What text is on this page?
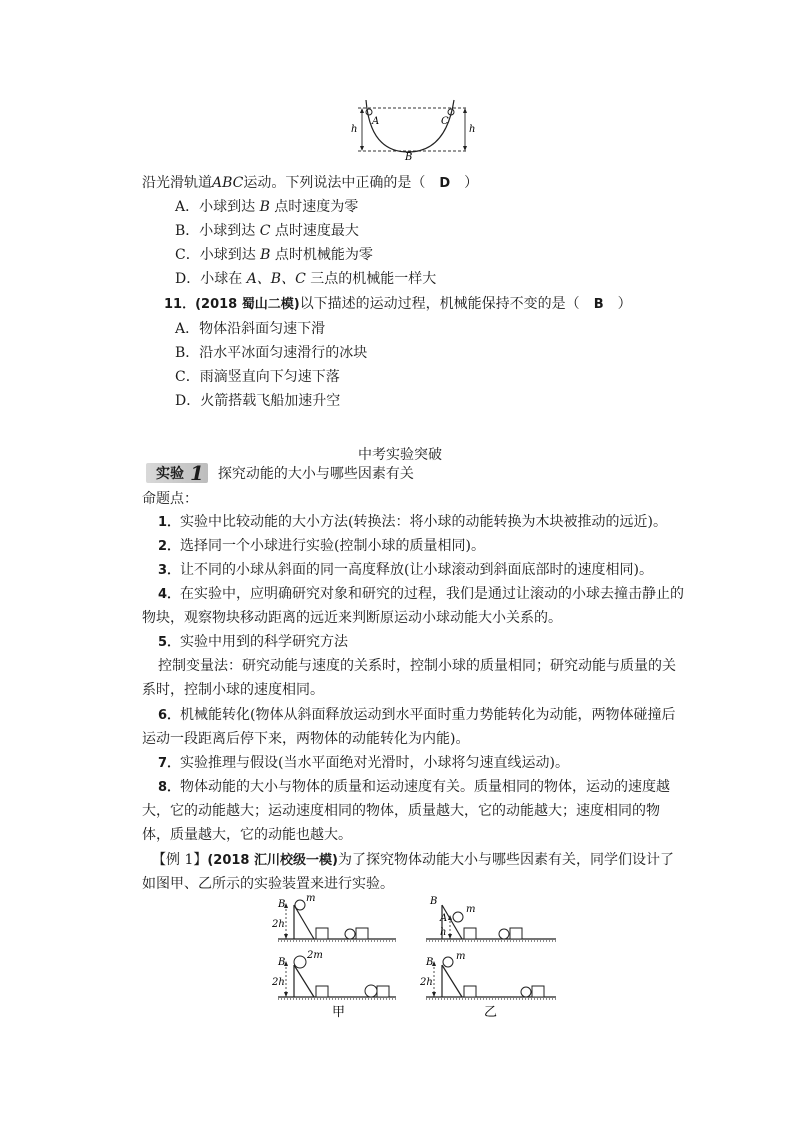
A	C
B
h	h
沿光滑轨道ABC运动。下列说法中正确的是（ D ）
A．小球到达 B 点时速度为零
B．小球到达 C 点时速度最大
C．小球到达 B 点时机械能为零
D．小球在 A、B、C 三点的机械能一样大
11．(2018 蜀山二模)以下描述的运动过程，机械能保持不变的是（ B ）
A．物体沿斜面匀速下滑
B．沿水平冰面匀速滑行的冰块
C．雨滴竖直向下匀速下落
D．火箭搭载飞船加速升空
中考实验突破
实验 1 探究动能的大小与哪些因素有关
命题点：
1．实验中比较动能的大小方法(转换法：将小球的动能转换为木块被推动的远近)。
2．选择同一个小球进行实验(控制小球的质量相同)。
3．让不同的小球从斜面的同一高度释放(让小球滚动到斜面底部时的速度相同)。
4．在实验中，应明确研究对象和研究的过程，我们是通过让滚动的小球去撞击静止的
物块，观察物块移动距离的远近来判断原运动小球动能大小关系的。
5．实验中用到的科学研究方法
控制变量法：研究动能与速度的关系时，控制小球的质量相同；研究动能与质量的关
系时，控制小球的速度相同。
6．机械能转化(物体从斜面释放运动到水平面时重力势能转化为动能，两物体碰撞后
运动一段距离后停下来，两物体的动能转化为内能)。
7．实验推理与假设(当水平面绝对光滑时，小球将匀速直线运动)。
8．物体动能的大小与物体的质量和运动速度有关。质量相同的物体，运动的速度越
大，它的动能越大；运动速度相同的物体，质量越大，它的动能越大；速度相同的物
体，质量越大，它的动能也越大。
【例 1】(2018 汇川校级一模)为了探究物体动能大小与哪些因素有关，同学们设计了
如图甲、乙所示的实验装置来进行实验。
B
m
2h
B
2m
2h
甲
B
A
m
h
B
m
2h
乙
